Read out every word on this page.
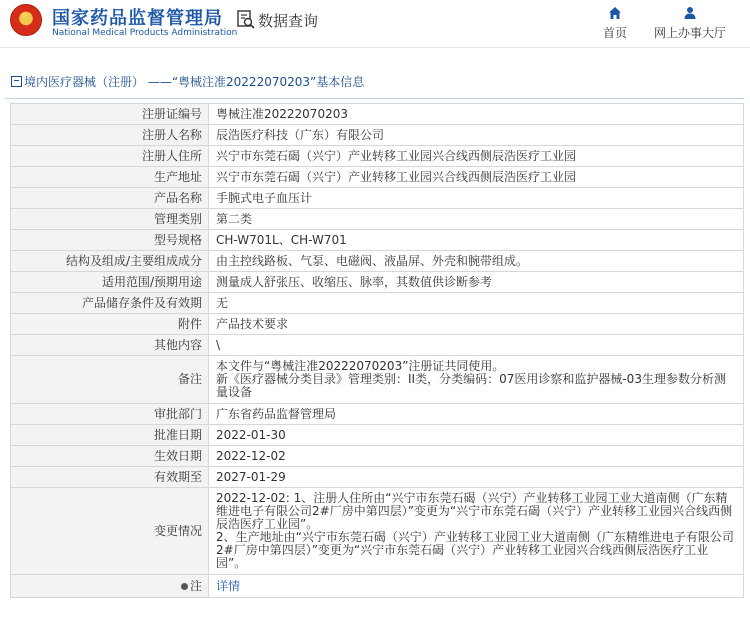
★ 国家药品监督管理局
National Medical Products Administration
数据查询
首页	网上办事大厅
境内医疗器械（注册） ——“粤械注准20222070203”基本信息
注册证编号	粤械注准20222070203
注册人名称	辰浩医疗科技（广东）有限公司
注册人住所	兴宁市东莞石碣（兴宁）产业转移工业园兴合线西侧辰浩医疗工业园
生产地址	兴宁市东莞石碣（兴宁）产业转移工业园兴合线西侧辰浩医疗工业园
产品名称	手腕式电子血压计
管理类别	第二类
型号规格	CH-W701L、CH-W701
结构及组成/主要组成成分	由主控线路板、气泵、电磁阀、液晶屏、外壳和腕带组成。
适用范围/预期用途	测量成人舒张压、收缩压、脉率，其数值供诊断参考
产品储存条件及有效期	无
附件	产品技术要求
其他内容	\
备注	本文件与“粤械注准20222070203”注册证共同使用。
新《医疗器械分类目录》管理类别：II类，分类编码：07医用诊察和监护器械-03生理参数分析测量设备
审批部门	广东省药品监督管理局
批准日期	2022-01-30
生效日期	2022-12-02
有效期至	2027-01-29
变更情况	2022-12-02: 1、注册人住所由“兴宁市东莞石碣（兴宁）产业转移工业园工业大道南侧（广东精维进电子有限公司2#厂房中第四层）”变更为“兴宁市东莞石碣（兴宁）产业转移工业园兴合线西侧辰浩医疗工业园”。
2、生产地址由“兴宁市东莞石碣（兴宁）产业转移工业园工业大道南侧（广东精维进电子有限公司2#厂房中第四层）”变更为“兴宁市东莞石碣（兴宁）产业转移工业园兴合线西侧辰浩医疗工业园”。
注	详情
